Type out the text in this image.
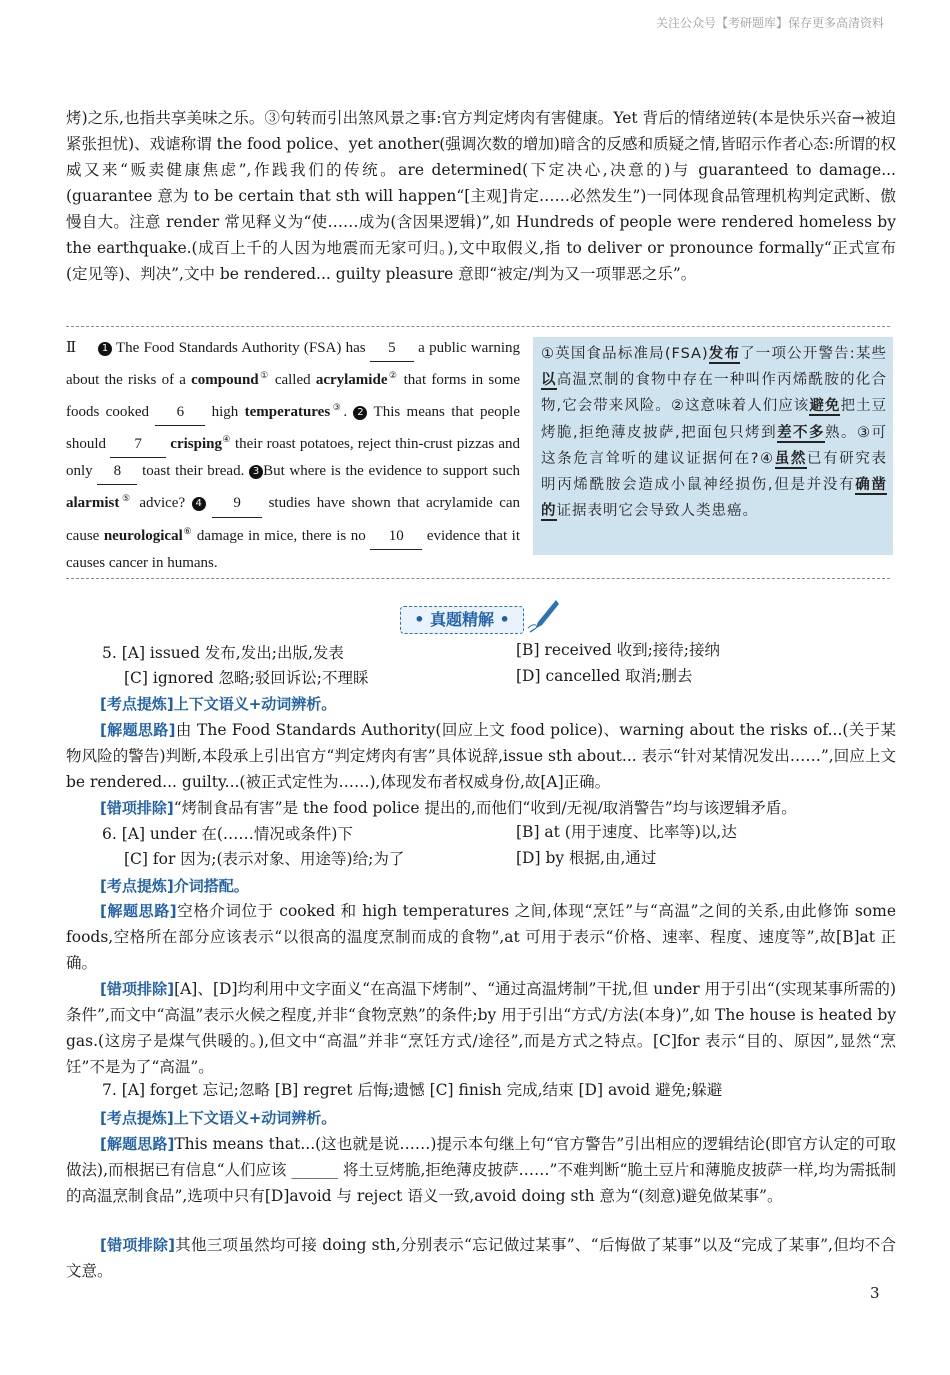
关注公众号【考研题库】保存更多高清资料
烤)之乐,也指共享美味之乐。③句转而引出煞风景之事:官方判定烤肉有害健康。Yet 背后的情绪逆转(本是快乐兴奋→被迫紧张担忧)、戏谑称谓 the food police、yet another(强调次数的增加)暗含的反感和质疑之情,皆昭示作者心态:所谓的权威又来“贩卖健康焦虑”,作践我们的传统。are determined(下定决心,决意的)与 guaranteed to damage...(guarantee 意为 to be certain that sth will happen“[主观]肯定……必然发生”)一同体现食品管理机构判定武断、傲慢自大。注意 render 常见释义为“使……成为(含因果逻辑)”,如 Hundreds of people were rendered homeless by the earthquake.(成百上千的人因为地震而无家可归。),文中取假义,指 to deliver or pronounce formally“正式宣布(定见等)、判决”,文中 be rendered... guilty pleasure 意即“被定/判为又一项罪恶之乐”。
Ⅱ	1 The Food Standards Authority (FSA) has 5 a public warning about the risks of a compound① called acrylamide② that forms in some foods cooked 6 high temperatures③. 2 This means that people should 7 crisping④ their roast potatoes, reject thin-crust pizzas and only 8 toast their bread. 3 But where is the evidence to support such alarmist⑤ advice? 4 9 studies have shown that acrylamide can cause neurological⑥ damage in mice, there is no 10 evidence that it causes cancer in humans.
①英国食品标准局(FSA)发布了一项公开警告:某些以高温烹制的食物中存在一种叫作丙烯酰胺的化合物,它会带来风险。②这意味着人们应该避免把土豆烤脆,拒绝薄皮披萨,把面包只烤到差不多熟。③可这条危言耸听的建议证据何在?④虽然已有研究表明丙烯酰胺会造成小鼠神经损伤,但是并没有确凿的证据表明它会导致人类患癌。
• 真题精解 •
5. [A] issued 发布,发出;出版,发表	[B] received 收到;接待;接纳
[C] ignored 忽略;驳回诉讼;不理睬	[D] cancelled 取消;删去
[考点提炼]上下文语义+动词辨析。
[解题思路]由 The Food Standards Authority(回应上文 food police)、warning about the risks of...(关于某物风险的警告)判断,本段承上引出官方“判定烤肉有害”具体说辞,issue sth about... 表示“针对某情况发出……”,回应上文 be rendered... guilty...(被正式定性为……),体现发布者权威身份,故[A]正确。
[错项排除]“烤制食品有害”是 the food police 提出的,而他们“收到/无视/取消警告”均与该逻辑矛盾。
6. [A] under 在(……情况或条件)下	[B] at (用于速度、比率等)以,达
[C] for 因为;(表示对象、用途等)给;为了	[D] by 根据,由,通过
[考点提炼]介词搭配。
[解题思路]空格介词位于 cooked 和 high temperatures 之间,体现“烹饪”与“高温”之间的关系,由此修饰 some foods,空格所在部分应该表示“以很高的温度烹制而成的食物”,at 可用于表示“价格、速率、程度、速度等”,故[B]at 正确。
[错项排除][A]、[D]均利用中文字面义“在高温下烤制”、“通过高温烤制”干扰,但 under 用于引出“(实现某事所需的)条件”,而文中“高温”表示火候之程度,并非“食物烹熟”的条件;by 用于引出“方式/方法(本身)”,如 The house is heated by gas.(这房子是煤气供暖的。),但文中“高温”并非“烹饪方式/途径”,而是方式之特点。[C]for 表示“目的、原因”,显然“烹饪”不是为了“高温”。
7. [A] forget 忘记;忽略 [B] regret 后悔;遗憾 [C] finish 完成,结束 [D] avoid 避免;躲避
[考点提炼]上下文语义+动词辨析。
[解题思路]This means that...(这也就是说……)提示本句继上句“官方警告”引出相应的逻辑结论(即官方认定的可取做法),而根据已有信息“人们应该 ______ 将土豆烤脆,拒绝薄皮披萨……”不难判断“脆土豆片和薄脆皮披萨一样,均为需抵制的高温烹制食品”,选项中只有[D]avoid 与 reject 语义一致,avoid doing sth 意为“(刻意)避免做某事”。
[错项排除]其他三项虽然均可接 doing sth,分别表示“忘记做过某事”、“后悔做了某事”以及“完成了某事”,但均不合文意。
3
